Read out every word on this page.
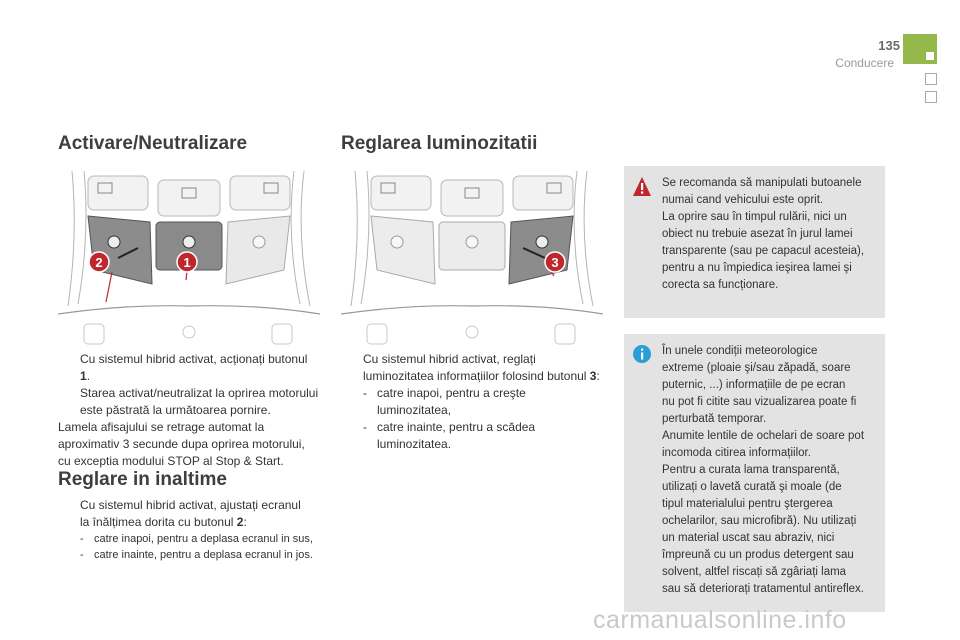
135
Conducere
Activare/Neutralizare	Reglarea luminozitatii
2	1	3
Cu sistemul hibrid activat, acționați butonul 1.
Starea activat/neutralizat la oprirea motorului
este păstrată la următoarea pornire.
Lamela afisajului se retrage automat la aproximativ 3 secunde dupa oprirea motorului, cu exceptia modului STOP al Stop & Start.
Reglare in inaltime
Cu sistemul hibrid activat, ajustați ecranul
la înălțimea dorita cu butonul 2:
- catre inapoi, pentru a deplasa ecranul in sus,
- catre inainte, pentru a deplasa ecranul in jos.
Cu sistemul hibrid activat, reglați
luminozitatea informațiilor folosind butonul 3:
- catre inapoi, pentru a creşte luminozitatea,
- catre inainte, pentru a scădea luminozitatea.
Se recomanda să manipulati butoanele
numai cand vehicului este oprit.
La oprire sau în timpul rulării, nici un
obiect nu trebuie asezat în jurul lamei
transparente (sau pe capacul acesteia),
pentru a nu împiedica ieşirea lamei şi
corecta sa funcționare.
În unele condiții meteorologice
extreme (ploaie şi/sau zăpadă, soare
puternic, ...) informațiile de pe ecran
nu pot fi citite sau vizualizarea poate fi
perturbată temporar.
Anumite lentile de ochelari de soare pot
incomoda citirea informațiilor.
Pentru a curata lama transparentă,
utilizați o lavetă curată şi moale (de
tipul materialului pentru ştergerea
ochelarilor, sau microfibră). Nu utilizați
un material uscat sau abraziv, nici
împreună cu un produs detergent sau
solvent, altfel riscați să zgâriați lama
sau să deteriorați tratamentul antireflex.
carmanualsonline.info
